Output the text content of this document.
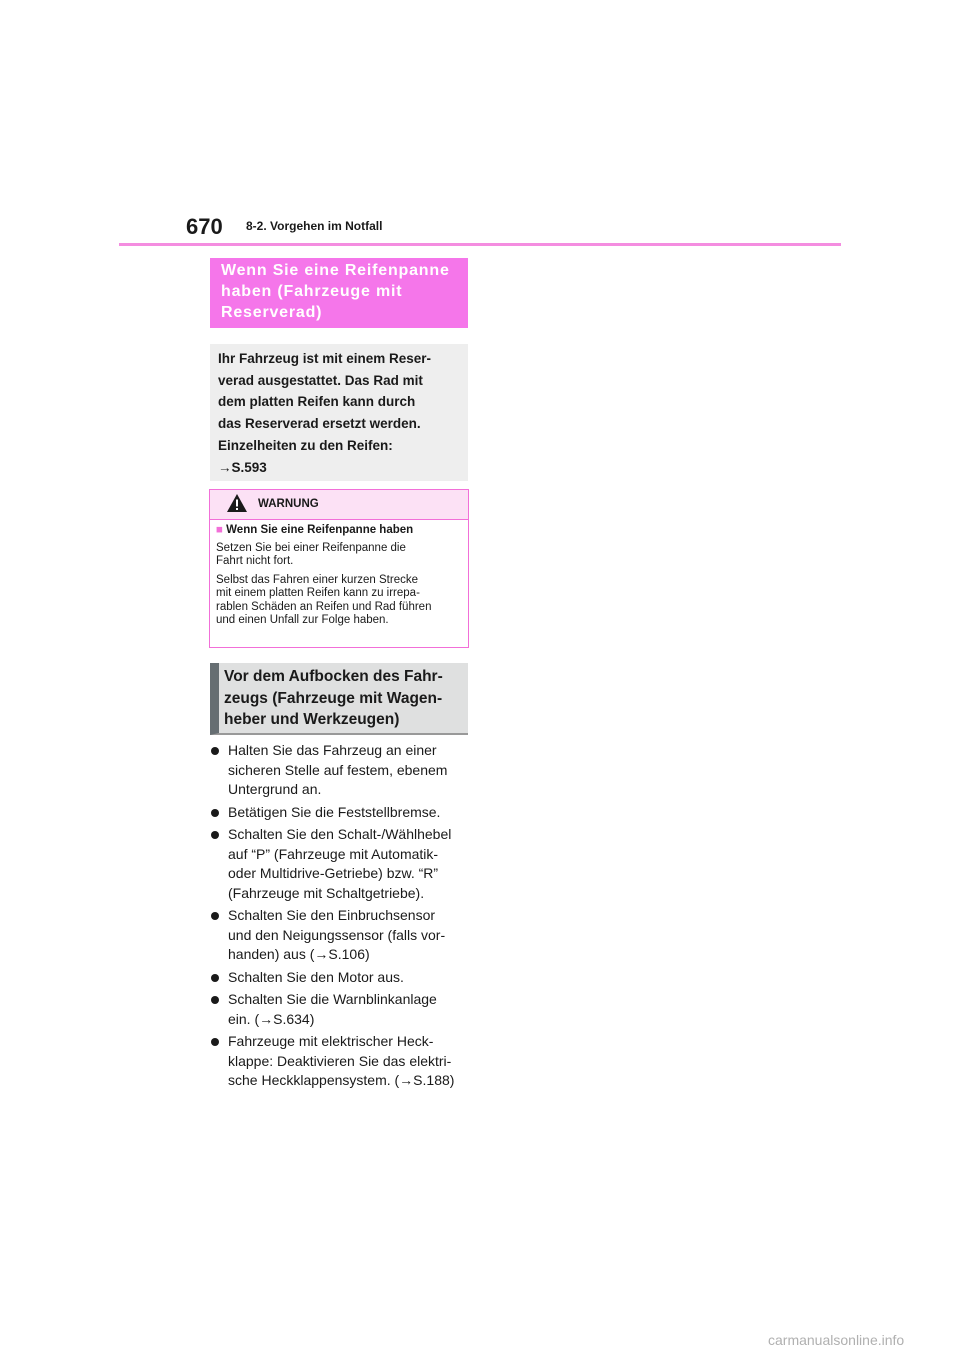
670 8-2. Vorgehen im Notfall
Wenn Sie eine Reifenpanne
haben (Fahrzeuge mit
Reserverad)
Ihr Fahrzeug ist mit einem Reser-
verad ausgestattet. Das Rad mit
dem platten Reifen kann durch
das Reserverad ersetzt werden.
Einzelheiten zu den Reifen:
→S.593
WARNUNG
■ Wenn Sie eine Reifenpanne haben

Setzen Sie bei einer Reifenpanne die
Fahrt nicht fort.

Selbst das Fahren einer kurzen Strecke
mit einem platten Reifen kann zu irrepa-
rablen Schäden an Reifen und Rad führen
und einen Unfall zur Folge haben.

Vor dem Aufbocken des Fahr-
zeugs (Fahrzeuge mit Wagen-
heber und Werkzeugen)
Halten Sie das Fahrzeug an einer
sicheren Stelle auf festem, ebenem
Untergrund an.
Betätigen Sie die Feststellbremse.
Schalten Sie den Schalt-/Wählhebel
auf “P” (Fahrzeuge mit Automatik-
oder Multidrive-Getriebe) bzw. “R”
(Fahrzeuge mit Schaltgetriebe).
Schalten Sie den Einbruchsensor
und den Neigungssensor (falls vor-
handen) aus (→S.106)
Schalten Sie den Motor aus.
Schalten Sie die Warnblinkanlage
ein. (→S.634)
Fahrzeuge mit elektrischer Heck-
klappe: Deaktivieren Sie das elektri-
sche Heckklappensystem. (→S.188)
carmanualsonline.info
